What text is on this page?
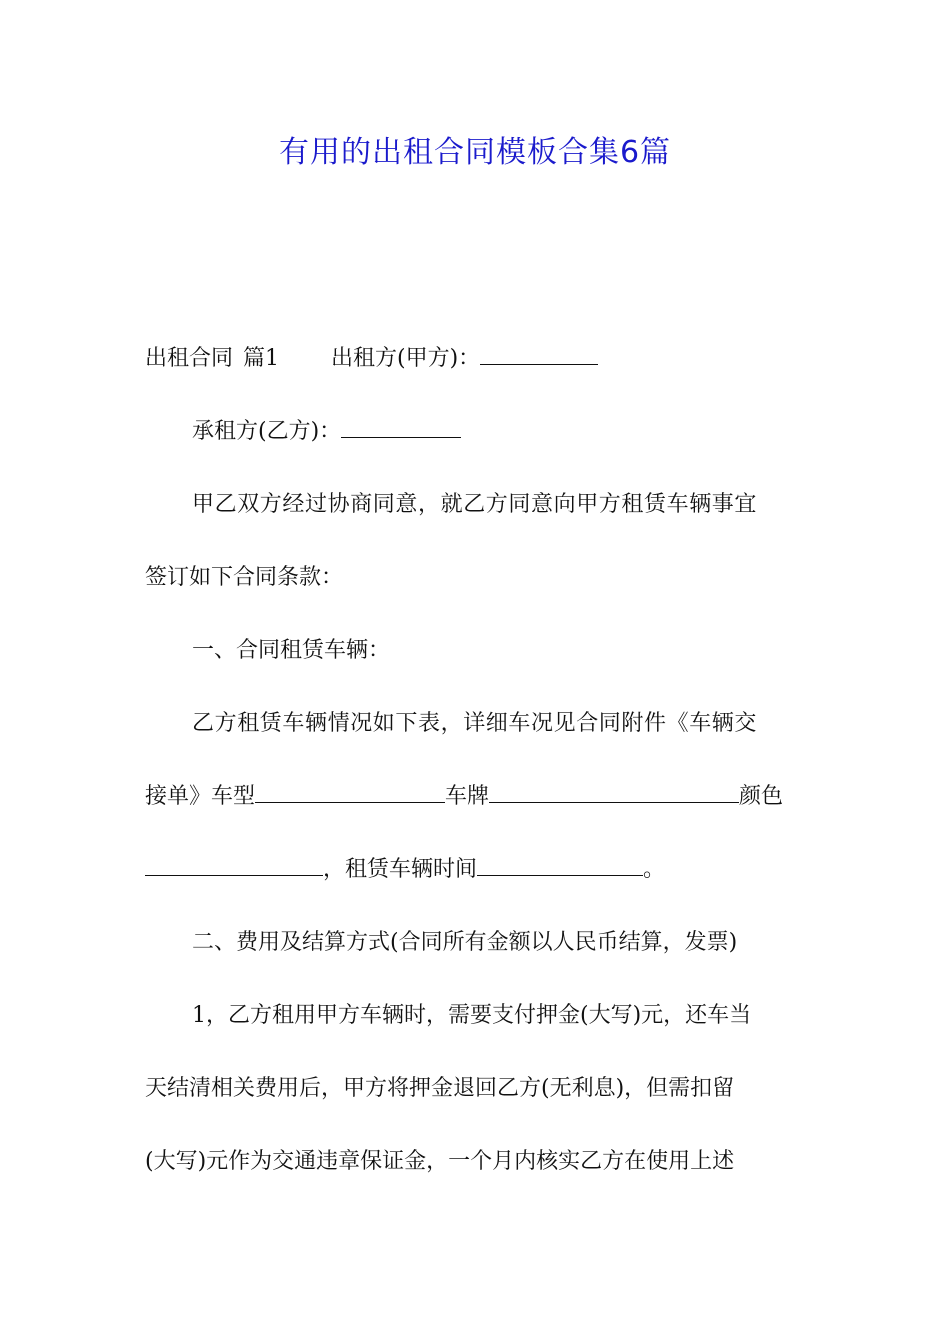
有用的出租合同模板合集6篇
出租合同 篇1 出租方(甲方)：
承租方(乙方)：
甲乙双方经过协商同意，就乙方同意向甲方租赁车辆事宜
签订如下合同条款：
一、合同租赁车辆：
乙方租赁车辆情况如下表，详细车况见合同附件《车辆交
接单》车型	车牌	颜色
，租赁车辆时间	。
二、费用及结算方式(合同所有金额以人民币结算，发票)
1，乙方租用甲方车辆时，需要支付押金(大写)元，还车当
天结清相关费用后，甲方将押金退回乙方(无利息)，但需扣留
(大写)元作为交通违章保证金，一个月内核实乙方在使用上述
